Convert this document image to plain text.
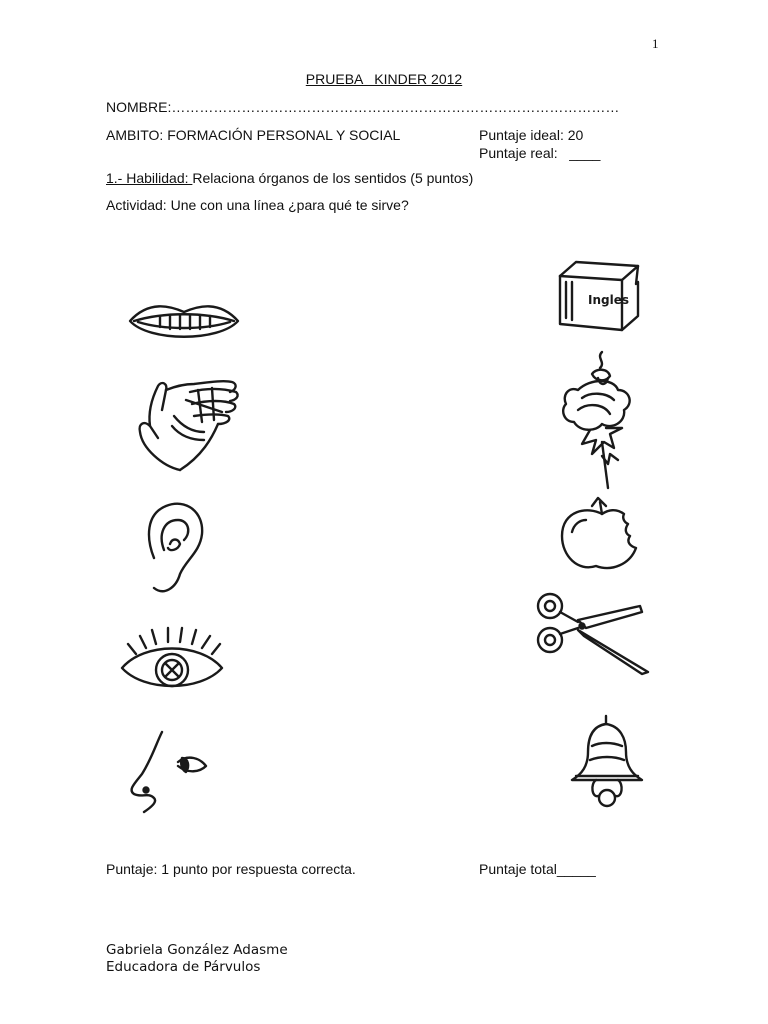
1
PRUEBA   KINDER 2012
NOMBRE:……………………………………………………………………………………
AMBITO: FORMACIÓN PERSONAL Y SOCIAL	Puntaje ideal: 20
Puntaje real:   ____
1.- Habilidad: Relaciona órganos de los sentidos (5 puntos)
Actividad: Une con una línea ¿para qué te sirve?
Ingles
Puntaje: 1 punto por respuesta correcta.	Puntaje total_____
Gabriela González Adasme
Educadora de Párvulos
